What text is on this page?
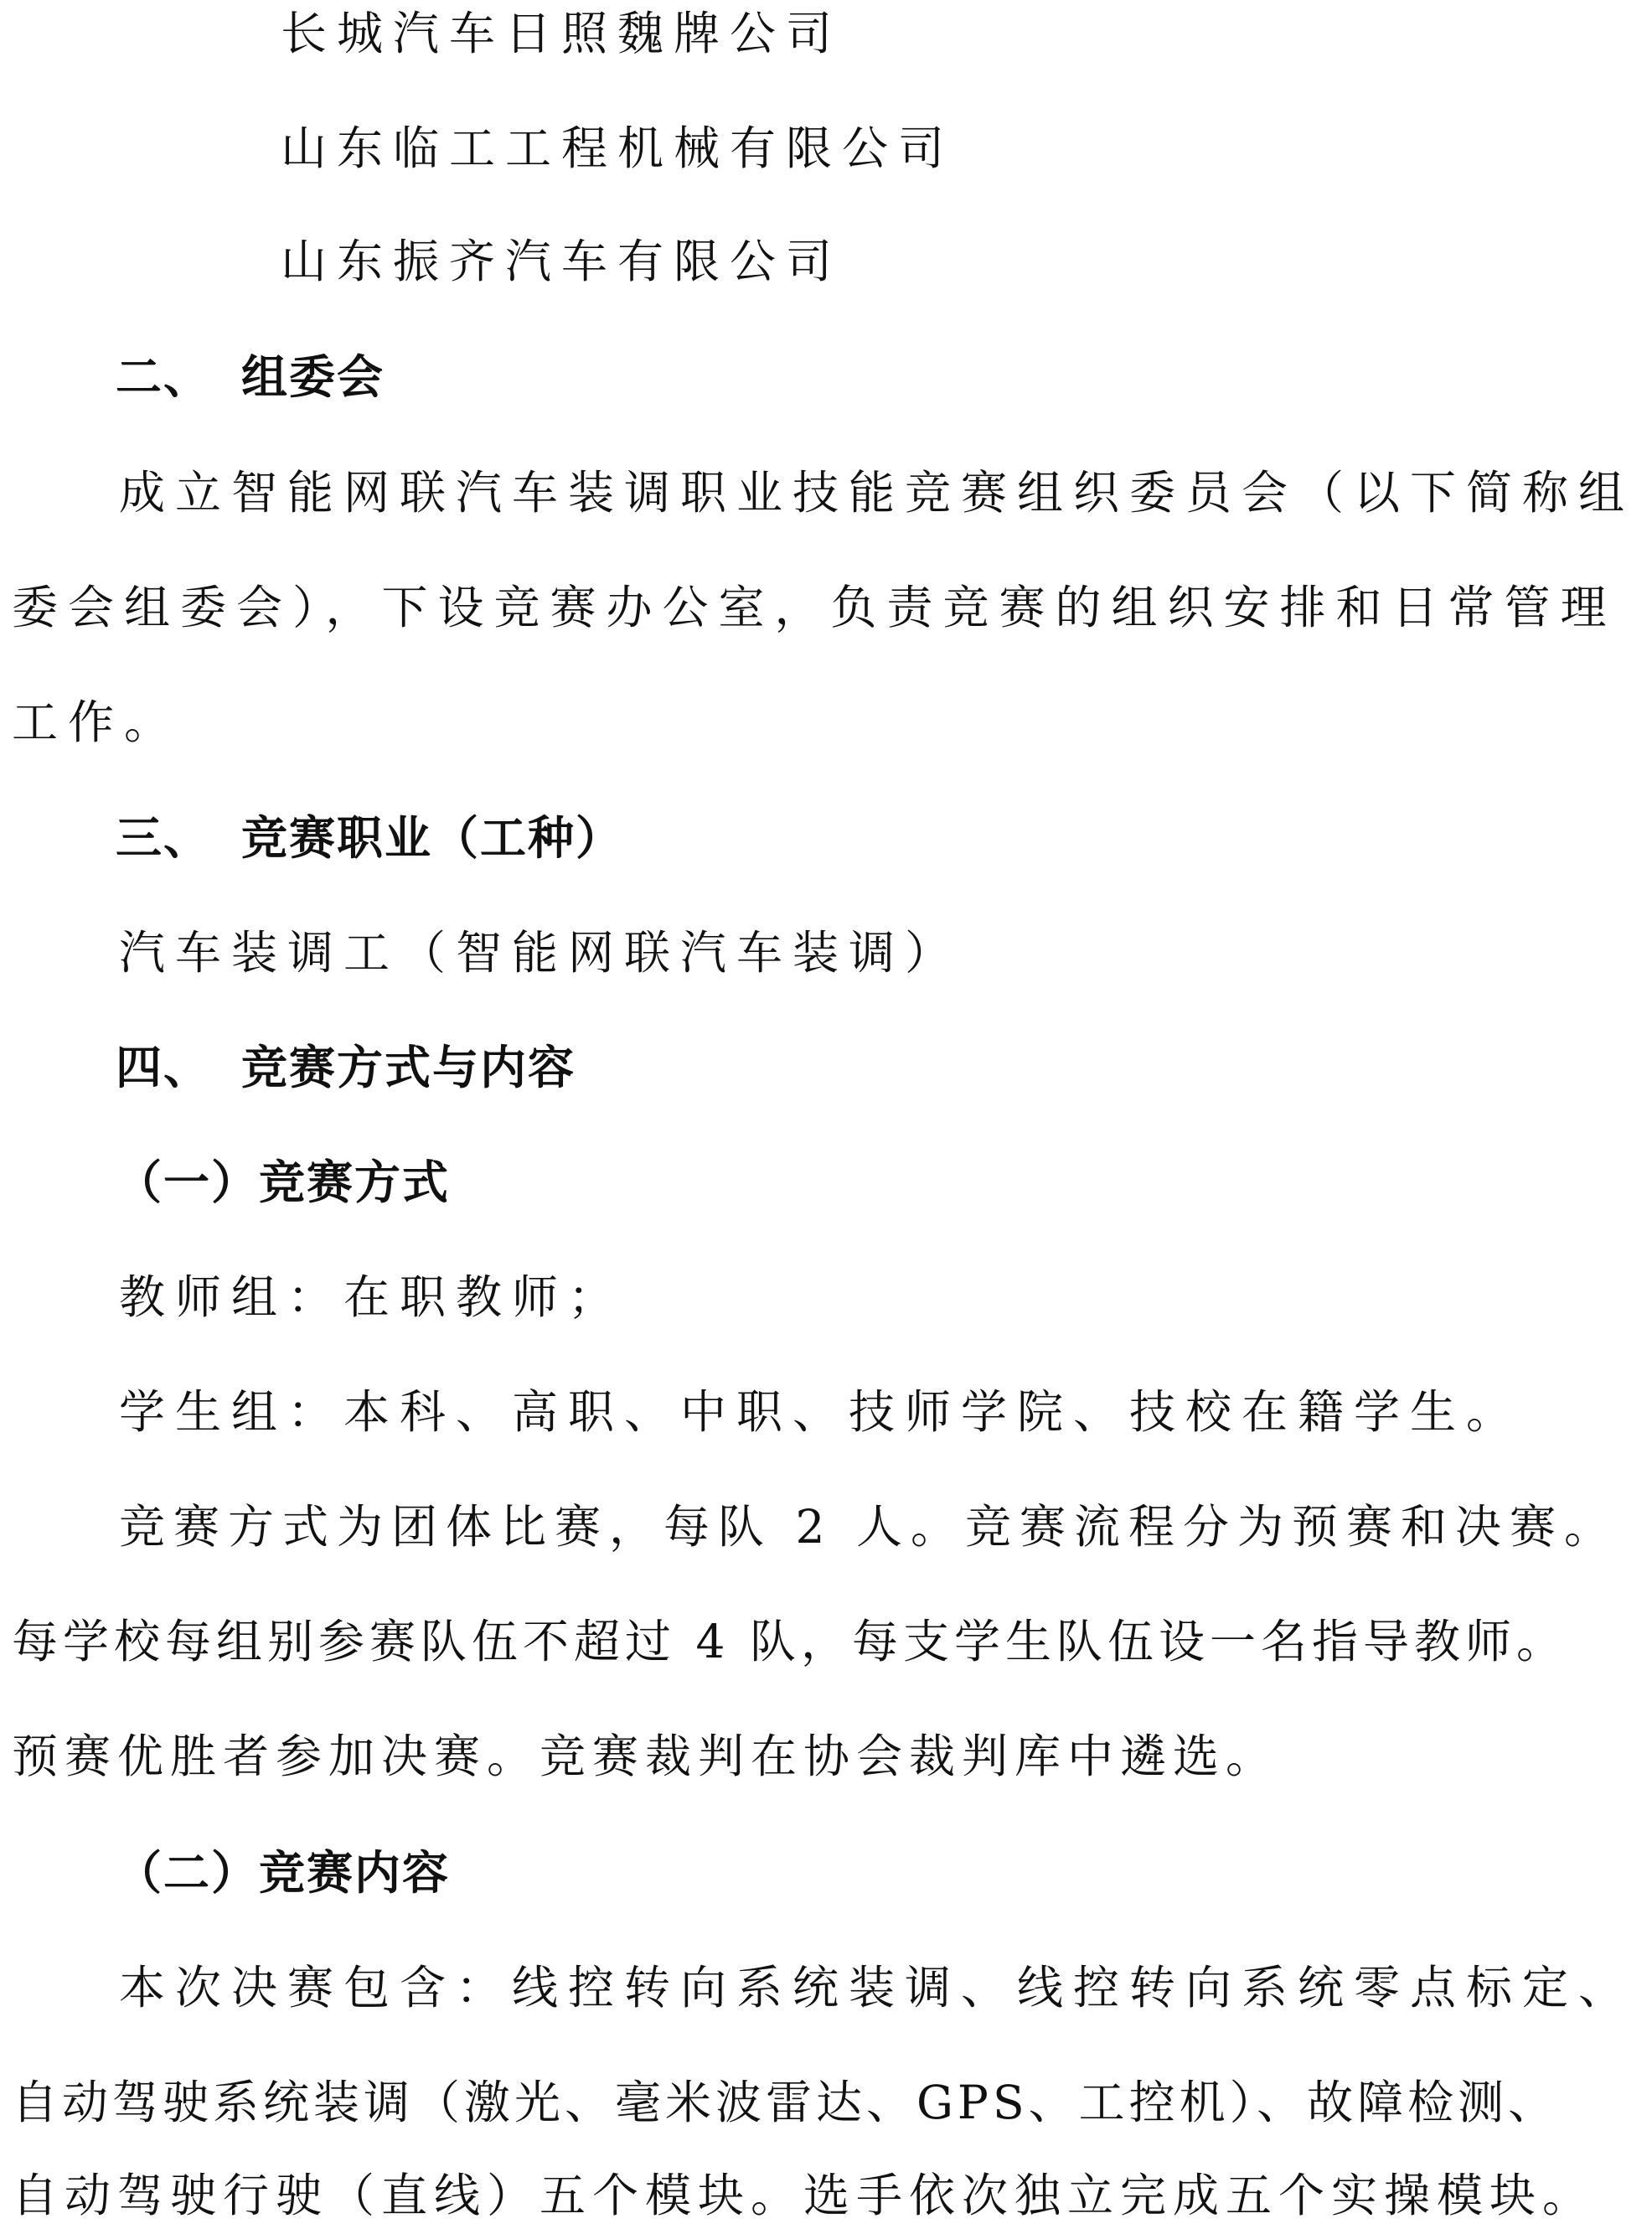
长城汽车日照魏牌公司
山东临工工程机械有限公司
山东振齐汽车有限公司
二、 组委会
成立智能网联汽车装调职业技能竞赛组织委员会（以下简称组
委会组委会），下设竞赛办公室，负责竞赛的组织安排和日常管理
工作。
三、 竞赛职业（工种）
汽车装调工（智能网联汽车装调）
四、 竞赛方式与内容
（一）竞赛方式
教师组：在职教师；
学生组：本科、高职、中职、技师学院、技校在籍学生。
竞赛方式为团体比赛，每队 2 人。竞赛流程分为预赛和决赛。
每学校每组别参赛队伍不超过 4 队，每支学生队伍设一名指导教师。
预赛优胜者参加决赛。竞赛裁判在协会裁判库中遴选。
（二）竞赛内容
本次决赛包含：线控转向系统装调、线控转向系统零点标定、
自动驾驶系统装调（激光、毫米波雷达、GPS、工控机）、故障检测、
自动驾驶行驶（直线）五个模块。选手依次独立完成五个实操模块。
